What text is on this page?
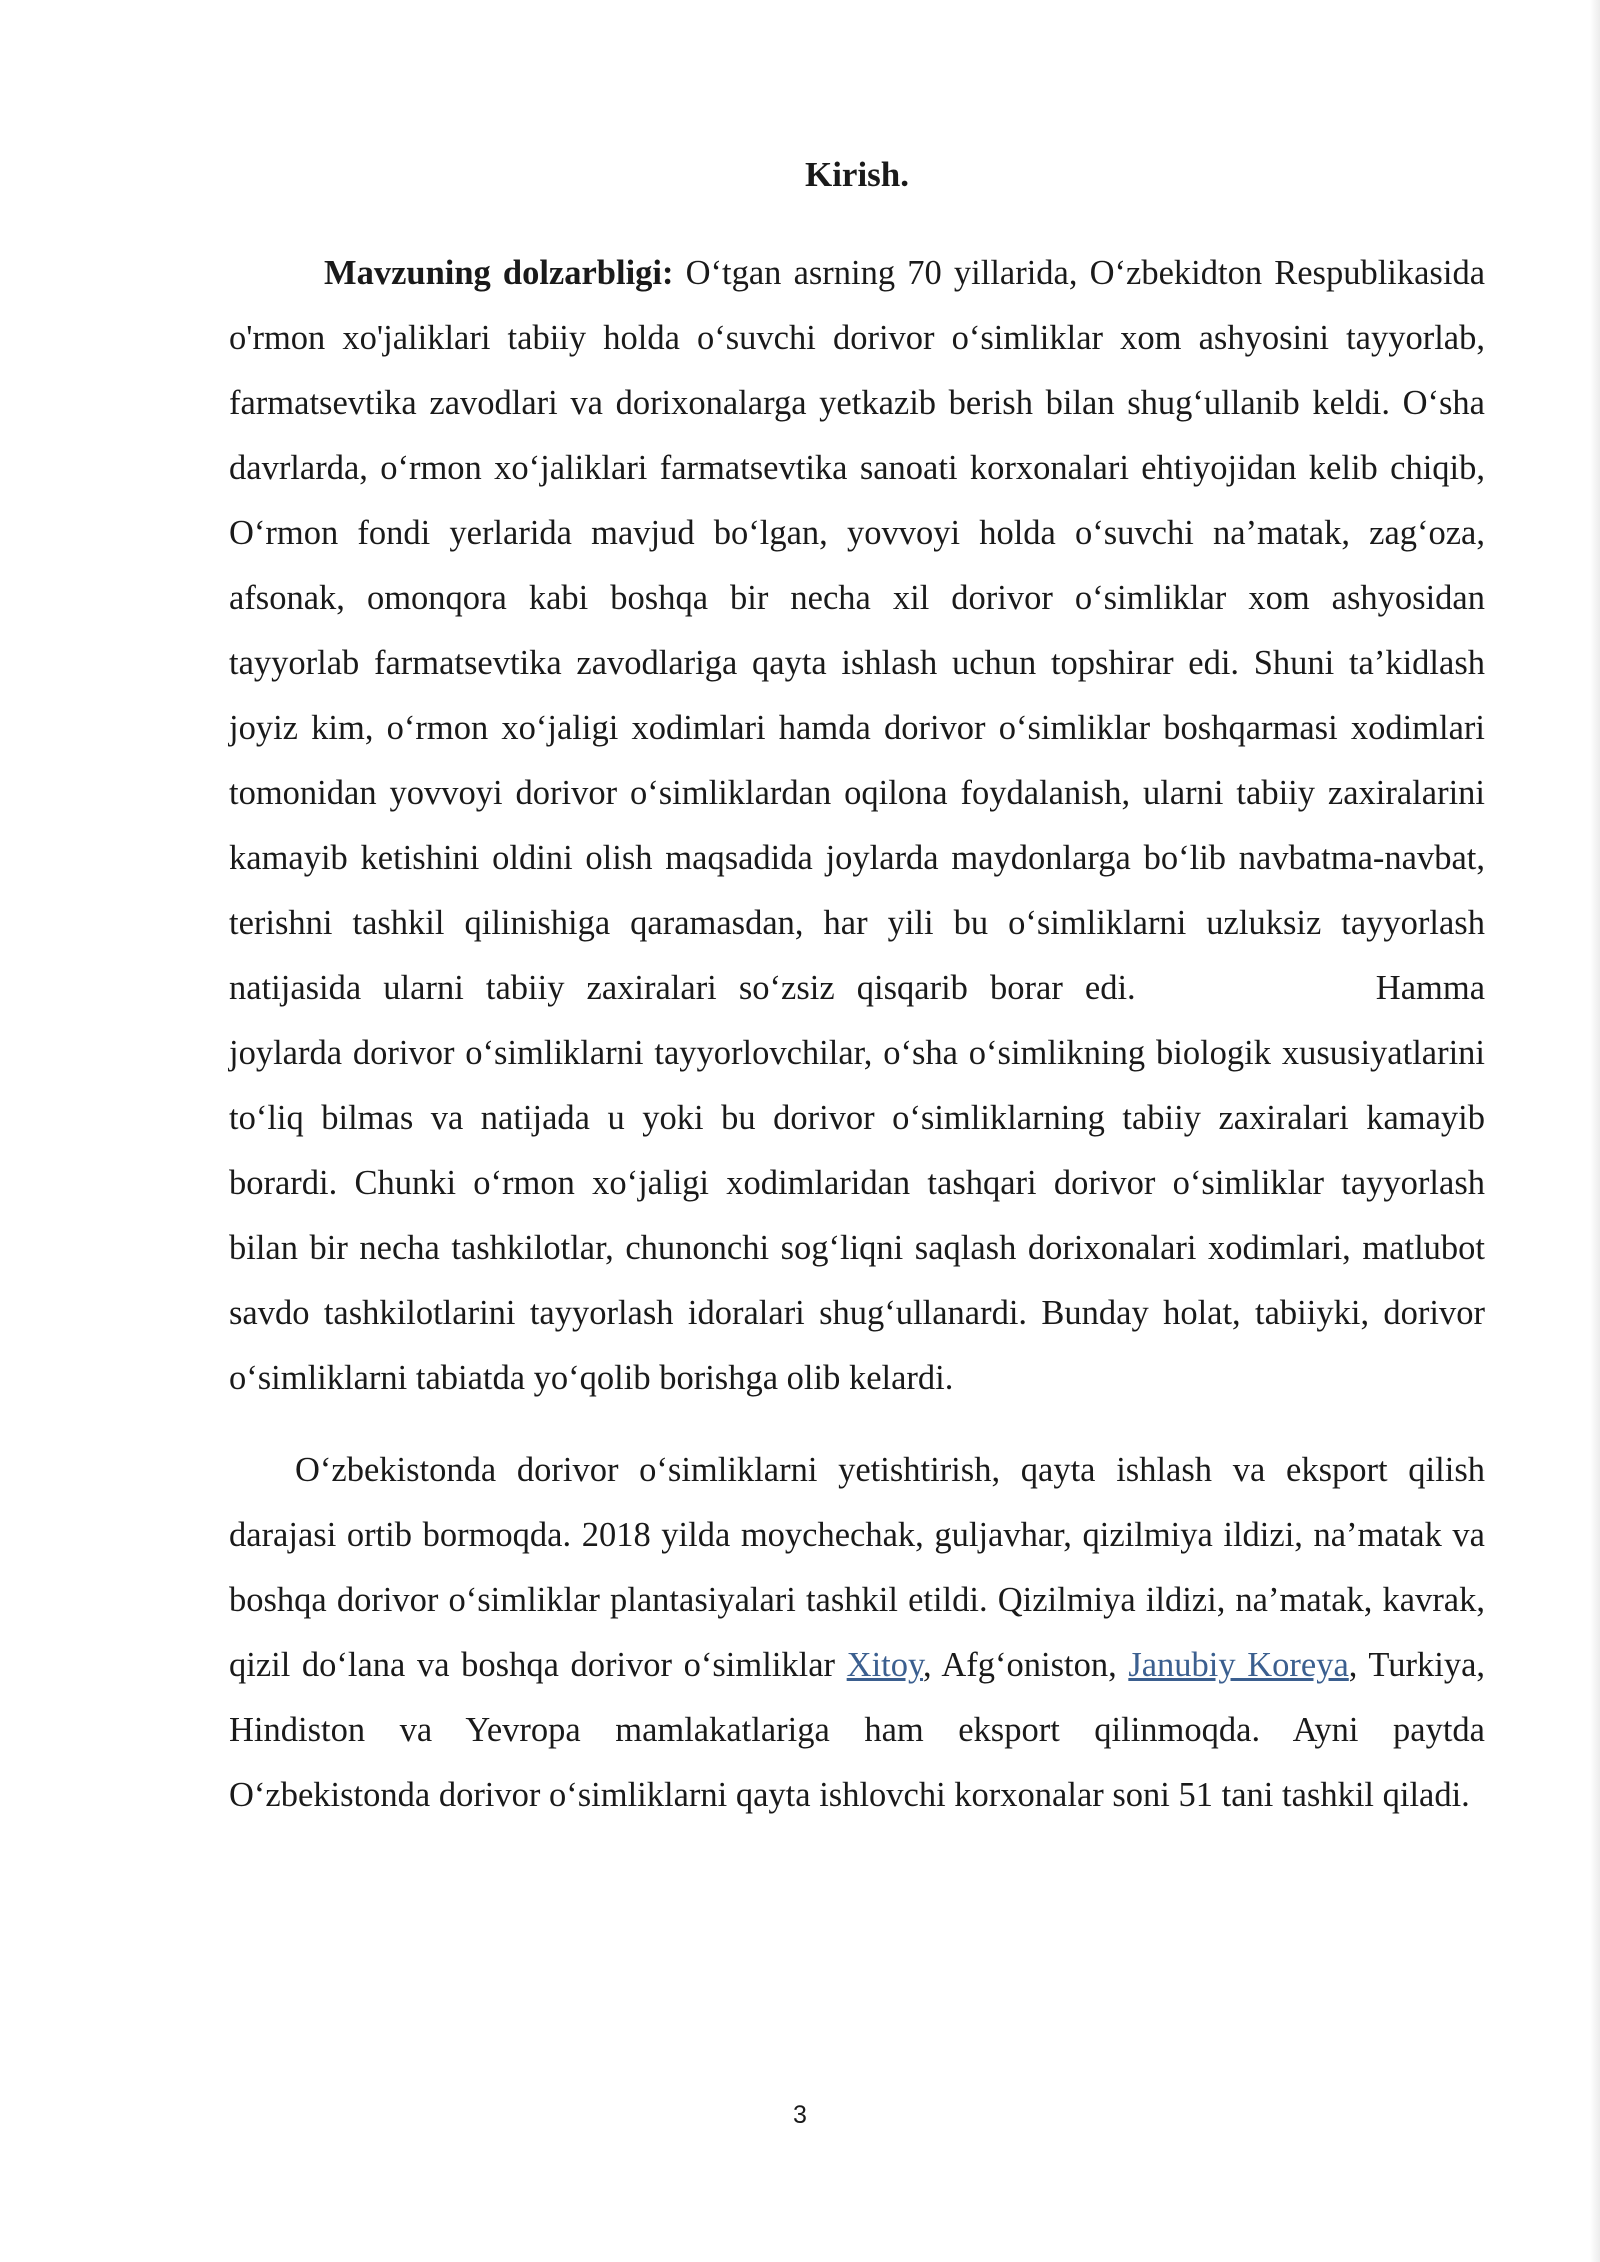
Kirish.

Mavzuning dolzarbligi: O‘tgan asrning 70 yillarida, O‘zbekidton Respublikasida o'rmon xo'jaliklari tabiiy holda o‘suvchi dorivor o‘simliklar xom ashyosini tayyorlab, farmatsevtika zavodlari va dorixonalarga yetkazib berish bilan shug‘ullanib keldi. O‘sha davrlarda, o‘rmon xo‘jaliklari farmatsevtika sanoati korxonalari ehtiyojidan kelib chiqib, O‘rmon fondi yerlarida mavjud bo‘lgan, yovvoyi holda o‘suvchi na’matak, zag‘oza, afsonak, omonqora kabi boshqa bir necha xil dorivor o‘simliklar xom ashyosidan tayyorlab farmatsevtika zavodlariga qayta ishlash uchun topshirar edi. Shuni ta’kidlash joyiz kim, o‘rmon xo‘jaligi xodimlari hamda dorivor o‘simliklar boshqarmasi xodimlari tomonidan yovvoyi dorivor o‘simliklardan oqilona foydalanish, ularni tabiiy zaxiralarini kamayib ketishini oldini olish maqsadida joylarda maydonlarga bo‘lib navbatma-navbat, terishni tashkil qilinishiga qaramasdan, har yili bu o‘simliklarni uzluksiz tayyorlash natijasida ularni tabiiy zaxiralari so‘zsiz qisqarib borar edi.	Hamma joylarda dorivor o‘simliklarni tayyorlovchilar, o‘sha o‘simlikning biologik xususiyatlarini to‘liq bilmas va natijada u yoki bu dorivor o‘simliklarning tabiiy zaxiralari kamayib borardi. Chunki o‘rmon xo‘jaligi xodimlaridan tashqari dorivor o‘simliklar tayyorlash bilan bir necha tashkilotlar, chunonchi sog‘liqni saqlash dorixonalari xodimlari, matlubot savdo tashkilotlarini tayyorlash idoralari shug‘ullanardi. Bunday holat, tabiiyki, dorivor o‘simliklarni tabiatda yo‘qolib borishga olib kelardi.

O‘zbekistonda dorivor o‘simliklarni yetishtirish, qayta ishlash va eksport qilish darajasi ortib bormoqda. 2018 yilda moychechak, guljavhar, qizilmiya ildizi, na’matak va boshqa dorivor o‘simliklar plantasiyalari tashkil etildi. Qizilmiya ildizi, na’matak, kavrak, qizil do‘lana va boshqa dorivor o‘simliklar Xitoy, Afg‘oniston, Janubiy Koreya, Turkiya, Hindiston va Yevropa mamlakatlariga ham eksport qilinmoqda. Ayni paytda O‘zbekistonda dorivor o‘simliklarni qayta ishlovchi korxonalar soni 51 tani tashkil qiladi.

3
